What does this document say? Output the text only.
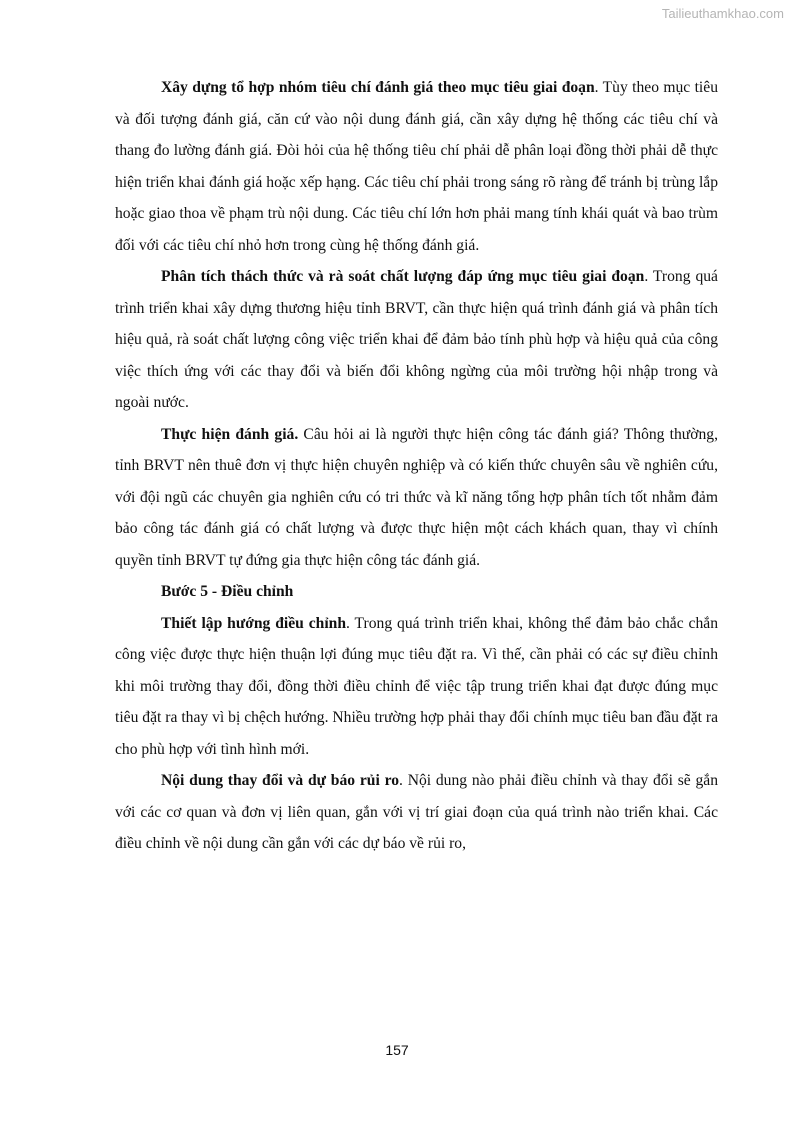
Tailieuthamkhao.com

Xây dựng tổ hợp nhóm tiêu chí đánh giá theo mục tiêu giai đoạn. Tùy theo mục tiêu và đối tượng đánh giá, căn cứ vào nội dung đánh giá, cần xây dựng hệ thống các tiêu chí và thang đo lường đánh giá. Đòi hỏi của hệ thống tiêu chí phải dễ phân loại đồng thời phải dễ thực hiện triển khai đánh giá hoặc xếp hạng. Các tiêu chí phải trong sáng rõ ràng để tránh bị trùng lắp hoặc giao thoa về phạm trù nội dung. Các tiêu chí lớn hơn phải mang tính khái quát và bao trùm đối với các tiêu chí nhỏ hơn trong cùng hệ thống đánh giá.

Phân tích thách thức và rà soát chất lượng đáp ứng mục tiêu giai đoạn. Trong quá trình triển khai xây dựng thương hiệu tỉnh BRVT, cần thực hiện quá trình đánh giá và phân tích hiệu quả, rà soát chất lượng công việc triển khai để đảm bảo tính phù hợp và hiệu quả của công việc thích ứng với các thay đổi và biến đổi không ngừng của môi trường hội nhập trong và ngoài nước.

Thực hiện đánh giá. Câu hỏi ai là người thực hiện công tác đánh giá? Thông thường, tỉnh BRVT nên thuê đơn vị thực hiện chuyên nghiệp và có kiến thức chuyên sâu về nghiên cứu, với đội ngũ các chuyên gia nghiên cứu có tri thức và kĩ năng tổng hợp phân tích tốt nhằm đảm bảo công tác đánh giá có chất lượng và được thực hiện một cách khách quan, thay vì chính quyền tỉnh BRVT tự đứng gia thực hiện công tác đánh giá.

Bước 5 - Điều chỉnh

Thiết lập hướng điều chỉnh. Trong quá trình triển khai, không thể đảm bảo chắc chắn công việc được thực hiện thuận lợi đúng mục tiêu đặt ra. Vì thế, cần phải có các sự điều chỉnh khi môi trường thay đổi, đồng thời điều chỉnh để việc tập trung triển khai đạt được đúng mục tiêu đặt ra thay vì bị chệch hướng. Nhiều trường hợp phải thay đổi chính mục tiêu ban đầu đặt ra cho phù hợp với tình hình mới.

Nội dung thay đổi và dự báo rủi ro. Nội dung nào phải điều chỉnh và thay đổi sẽ gắn với các cơ quan và đơn vị liên quan, gắn với vị trí giai đoạn của quá trình nào triển khai. Các điều chỉnh về nội dung cần gắn với các dự báo về rủi ro,

157
